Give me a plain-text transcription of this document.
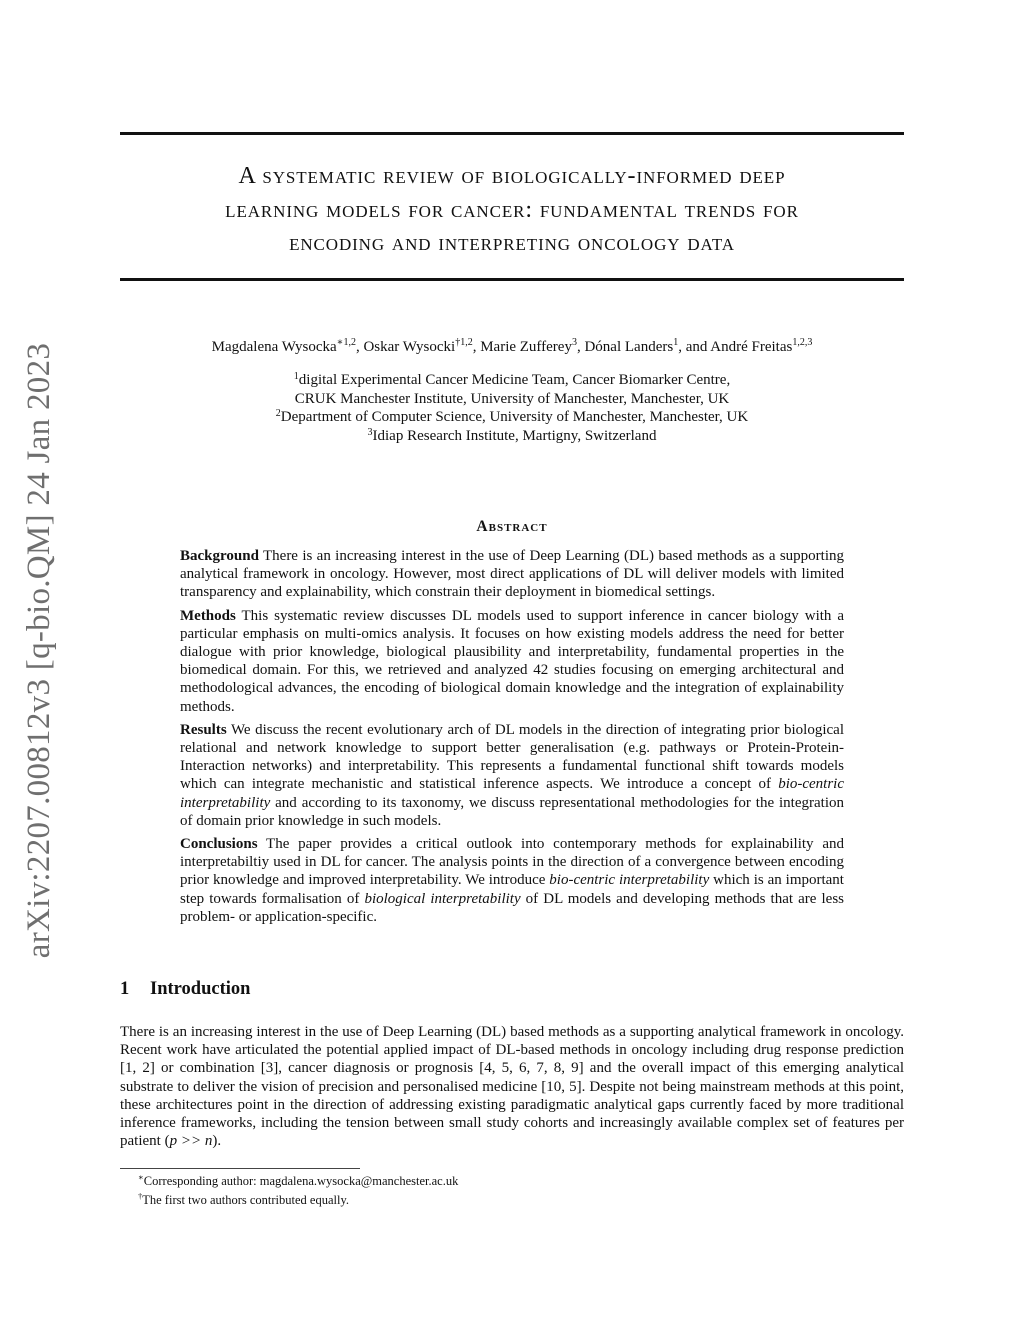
arXiv:2207.00812v3 [q-bio.QM] 24 Jan 2023
A systematic review of biologically-informed deep
learning models for cancer: fundamental trends for
encoding and interpreting oncology data
Magdalena Wysocka$^{∗1,2}$, Oskar Wysocki$^{\dagger 1,2}$, Marie Zufferey$^3$, Dónal Landers$^1$, and André Freitas$^{1,2,3}$
$^1$digital Experimental Cancer Medicine Team, Cancer Biomarker Centre,
CRUK Manchester Institute, University of Manchester, Manchester, UK
$^2$Department of Computer Science, University of Manchester, Manchester, UK
$^3$Idiap Research Institute, Martigny, Switzerland
Abstract

Background There is an increasing interest in the use of Deep Learning (DL) based methods as a supporting analytical framework in oncology. However, most direct applications of DL will deliver models with limited transparency and explainability, which constrain their deployment in biomedical settings.

Methods This systematic review discusses DL models used to support inference in cancer biology with a particular emphasis on multi-omics analysis. It focuses on how existing models address the need for better dialogue with prior knowledge, biological plausibility and interpretability, fundamental properties in the biomedical domain. For this, we retrieved and analyzed 42 studies focusing on emerging architectural and methodological advances, the encoding of biological domain knowledge and the integration of explainability methods.

Results We discuss the recent evolutionary arch of DL models in the direction of integrating prior biological relational and network knowledge to support better generalisation (e.g. pathways or Protein-Protein-Interaction networks) and interpretability. This represents a fundamental functional shift towards models which can integrate mechanistic and statistical inference aspects. We introduce a concept of bio-centric interpretability and according to its taxonomy, we discuss representational methodologies for the integration of domain prior knowledge in such models.

Conclusions The paper provides a critical outlook into contemporary methods for explainability and interpretabiltiy used in DL for cancer. The analysis points in the direction of a convergence between encoding prior knowledge and improved interpretability. We introduce bio-centric interpretability which is an important step towards formalisation of biological interpretability of DL models and developing methods that are less problem- or application-specific.

1 Introduction

There is an increasing interest in the use of Deep Learning (DL) based methods as a supporting analytical framework in oncology. Recent work have articulated the potential applied impact of DL-based methods in oncology including drug response prediction [1, 2] or combination [3], cancer diagnosis or prognosis [4, 5, 6, 7, 8, 9] and the overall impact of this emerging analytical substrate to deliver the vision of precision and personalised medicine [10, 5]. Despite not being mainstream methods at this point, these architectures point in the direction of addressing existing paradigmatic analytical gaps currently faced by more traditional inference frameworks, including the tension between small study cohorts and increasingly available complex set of features per patient (p >> n).

∗Corresponding author: magdalena.wysocka@manchester.ac.uk
†The first two authors contributed equally.
